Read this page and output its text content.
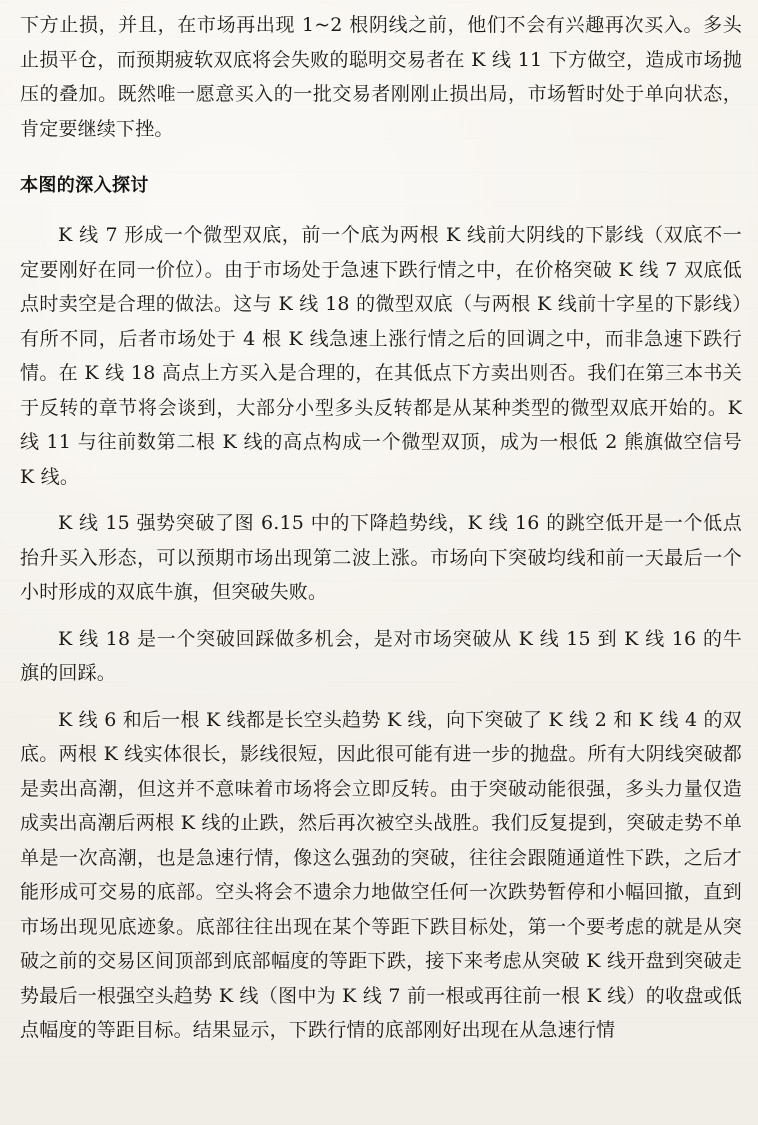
下方止损，并且，在市场再出现 1~2 根阴线之前，他们不会有兴趣再次买入。多头止损平仓，而预期疲软双底将会失败的聪明交易者在 K 线 11 下方做空，造成市场抛压的叠加。既然唯一愿意买入的一批交易者刚刚止损出局，市场暂时处于单向状态，肯定要继续下挫。

本图的深入探讨

K 线 7 形成一个微型双底，前一个底为两根 K 线前大阴线的下影线（双底不一定要刚好在同一价位）。由于市场处于急速下跌行情之中，在价格突破 K 线 7 双底低点时卖空是合理的做法。这与 K 线 18 的微型双底（与两根 K 线前十字星的下影线）有所不同，后者市场处于 4 根 K 线急速上涨行情之后的回调之中，而非急速下跌行情。在 K 线 18 高点上方买入是合理的，在其低点下方卖出则否。我们在第三本书关于反转的章节将会谈到，大部分小型多头反转都是从某种类型的微型双底开始的。K 线 11 与往前数第二根 K 线的高点构成一个微型双顶，成为一根低 2 熊旗做空信号 K 线。

K 线 15 强势突破了图 6.15 中的下降趋势线，K 线 16 的跳空低开是一个低点抬升买入形态，可以预期市场出现第二波上涨。市场向下突破均线和前一天最后一个小时形成的双底牛旗，但突破失败。

K 线 18 是一个突破回踩做多机会，是对市场突破从 K 线 15 到 K 线 16 的牛旗的回踩。

K 线 6 和后一根 K 线都是长空头趋势 K 线，向下突破了 K 线 2 和 K 线 4 的双底。两根 K 线实体很长，影线很短，因此很可能有进一步的抛盘。所有大阴线突破都是卖出高潮，但这并不意味着市场将会立即反转。由于突破动能很强，多头力量仅造成卖出高潮后两根 K 线的止跌，然后再次被空头战胜。我们反复提到，突破走势不单单是一次高潮，也是急速行情，像这么强劲的突破，往往会跟随通道性下跌，之后才能形成可交易的底部。空头将会不遗余力地做空任何一次跌势暂停和小幅回撤，直到市场出现见底迹象。底部往往出现在某个等距下跌目标处，第一个要考虑的就是从突破之前的交易区间顶部到底部幅度的等距下跌，接下来考虑从突破 K 线开盘到突破走势最后一根强空头趋势 K 线（图中为 K 线 7 前一根或再往前一根 K 线）的收盘或低点幅度的等距目标。结果显示，下跌行情的底部刚好出现在从急速行情
